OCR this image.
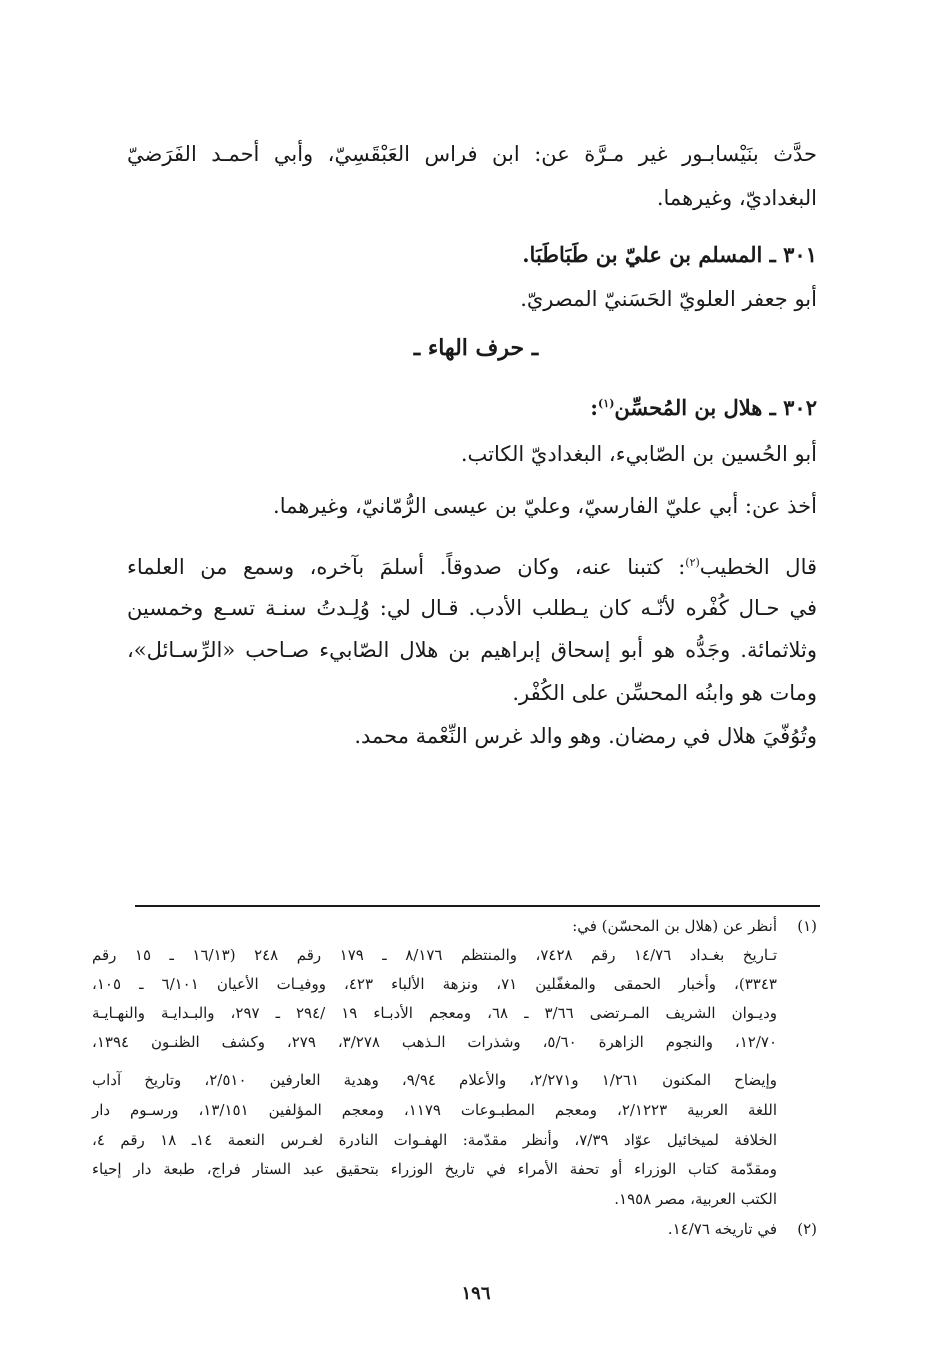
حدَّث بنَيْسابـور غير مـرَّة عن: ابن فراس العَبْقَسِيّ، وأبي أحمـد الفَرَضيّ
البغداديّ، وغيرهما.
٣٠١ ـ المسلم بن عليّ بن طَبَاطَبَا.
أبو جعفر العلويّ الحَسَنيّ المصريّ.
ـ حرف الهاء ـ
٣٠٢ ـ هلال بن المُحسِّن$^{(١)}$:
أبو الحُسين بن الصّابيء، البغداديّ الكاتب.
أخذ عن: أبي عليّ الفارسيّ، وعليّ بن عيسى الرُّمّانيّ، وغيرهما.
قال الخطيب$^{(٢)}$: كتبنا عنه، وكان صدوقاً. أسلمَ بآخره، وسمع من العلماء
في حـال كُفْره لأنّـه كان يـطلب الأدب. قـال لي: وُلِـدتُ سنـة تسـع وخمسين
وثلاثمائة. وجَدُّه هو أبو إسحاق إبراهيم بن هلال الصّابيء صـاحب «الرِّسـائل»،
ومات هو وابنُه المحسِّن على الكُفْر.
وتُوُفّيَ هلال في رمضان. وهو والد غرس النِّعْمة محمد.
(١)أنظر عن (هلال بن المحسّن) في:
تـاريخ بغـداد ١٤/٧٦ رقم ٧٤٢٨، والمنتظم ٨/١٧٦ ـ ١٧٩ رقم ٢٤٨ (١٦/١٣ ـ ١٥ رقم
٣٣٤٣)، وأخبار الحمقى والمغفّلين ٧١، ونزهة الألباء ٤٢٣، ووفيـات الأعيان ٦/١٠١ ـ ١٠٥،
وديـوان الشريف المـرتضى ٣/٦٦ ـ ٦٨، ومعجم الأدبـاء ١٩ /٢٩٤ ـ ٢٩٧، والبـدايـة والنهـايـة
١٢/٧٠، والنجوم الزاهرة ٥/٦٠، وشذرات الـذهب ٣/٢٧٨، ٢٧٩، وكشف الظنـون ١٣٩٤،
وإيضاح المكنون ١/٢٦١ و٢/٢٧١، والأعلام ٩/٩٤، وهدية العارفين ٢/٥١٠، وتاريخ آداب
اللغة العربية ٢/١٢٢٣، ومعجم المطبـوعات ١١٧٩، ومعجم المؤلفين ١٣/١٥١، ورسـوم دار
الخلافة لميخائيل عوّاد ٧/٣٩، وأنظر مقدّمة: الهفـوات النادرة لغـرس النعمة ١٤ـ ١٨ رقم ٤،
ومقدّمة كتاب الوزراء أو تحفة الأمراء في تاريخ الوزراء بتحقيق عبد الستار فراج، طبعة دار إحياء
الكتب العربية، مصر ١٩٥٨.
(٢)في تاريخه ١٤/٧٦.
١٩٦
